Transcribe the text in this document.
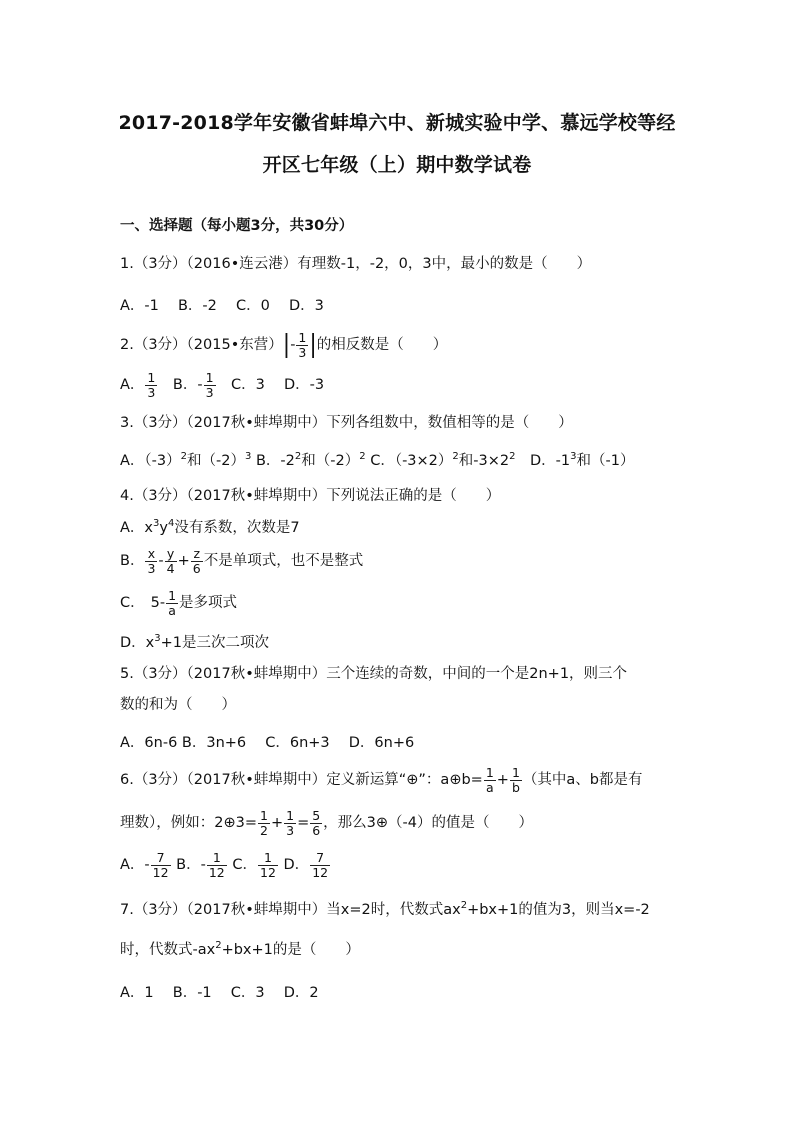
2017-2018学年安徽省蚌埠六中、新城实验中学、慕远学校等经
开区七年级（上）期中数学试卷
一、选择题（每小题3分，共30分）
1.（3分）（2016•连云港）有理数-1，-2，0，3中，最小的数是（　　）
A．-1　 B．-2　 C．0　 D．3
2.（3分）（2015•东营）|- $\frac{1}{3}$ |的相反数是（　　）
A． $\frac{1}{3}$ 　B．- $\frac{1}{3}$ 　C．3　 D．-3
3.（3分）（2017秋•蚌埠期中）下列各组数中，数值相等的是（　　）
A．$(-3)^2$和$(-2)^3$ B．$-2^2$和$(-2)^2$ C．$(-3\times 2)^2$和$-3\times 2^2$　D．$-1^3$和（-1）
4.（3分）（2017秋•蚌埠期中）下列说法正确的是（　　）
A．$x^3y^4$没有系数，次数是7
B． $\frac{x}{3} - \frac{y}{4} + \frac{z}{6}$ 不是单项式，也不是整式
C． $5- \frac{1}{a}$ 是多项式
D．$x^3+1$是三次二项次
5.（3分）（2017秋•蚌埠期中）三个连续的奇数，中间的一个是2n+1，则三个
数的和为（　　）
A．6n-6 B．3n+6　 C．6n+3　 D．6n+6
6.（3分）（2017秋•蚌埠期中）定义新运算“⊕”：a⊕b= $\frac{1}{a} + \frac{1}{b}$ （其中a、b都是有
理数），例如：2⊕3= $\frac{1}{2} + \frac{1}{3} = \frac{5}{6}$ ，那么3⊕（-4）的值是（　　）
A．- $\frac{7}{12}$ B．- $\frac{1}{12}$ C． $\frac{1}{12}$ D． $\frac{7}{12}$
7.（3分）（2017秋•蚌埠期中）当x=2时，代数式$ax^2+bx+1$的值为3，则当x=-2
时，代数式$-ax^2+bx+1$的是（　　）
A．1　 B．-1　 C．3　 D．2
